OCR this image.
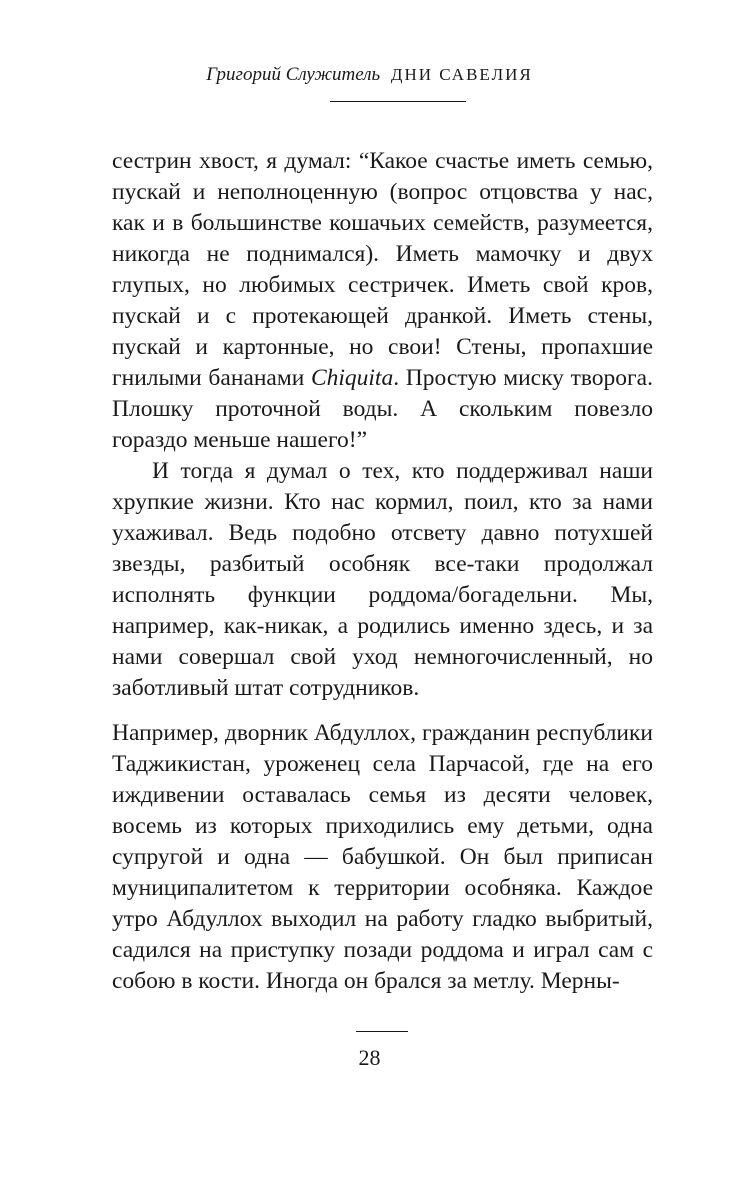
Григорий Служитель ДНИ САВЕЛИЯ

сестрин хвост, я думал: “Какое счастье иметь семью, пускай и неполноценную (вопрос отцовства у нас, как и в большинстве кошачьих семейств, разумеется, никогда не поднимался). Иметь мамочку и двух глупых, но любимых сестричек. Иметь свой кров, пускай и с протекающей дранкой. Иметь стены, пускай и картонные, но свои! Стены, пропахшие гнилыми бананами Chiquita. Простую миску творога. Плошку проточной воды. А скольким повезло гораздо меньше нашего!”

И тогда я думал о тех, кто поддерживал наши хрупкие жизни. Кто нас кормил, поил, кто за нами ухаживал. Ведь подобно отсвету давно потухшей звезды, разбитый особняк все-таки продолжал исполнять функции роддома/богадельни. Мы, например, как-никак, а родились именно здесь, и за нами совершал свой уход немногочисленный, но заботливый штат сотрудников.

Например, дворник Абдуллох, гражданин республики Таджикистан, уроженец села Парчасой, где на его иждивении оставалась семья из десяти человек, восемь из которых приходились ему детьми, одна супругой и одна — бабушкой. Он был приписан муниципалитетом к территории особняка. Каждое утро Абдуллох выходил на работу гладко выбритый, садился на приступку позади роддома и играл сам с собою в кости. Иногда он брался за метлу. Мерны-

28
